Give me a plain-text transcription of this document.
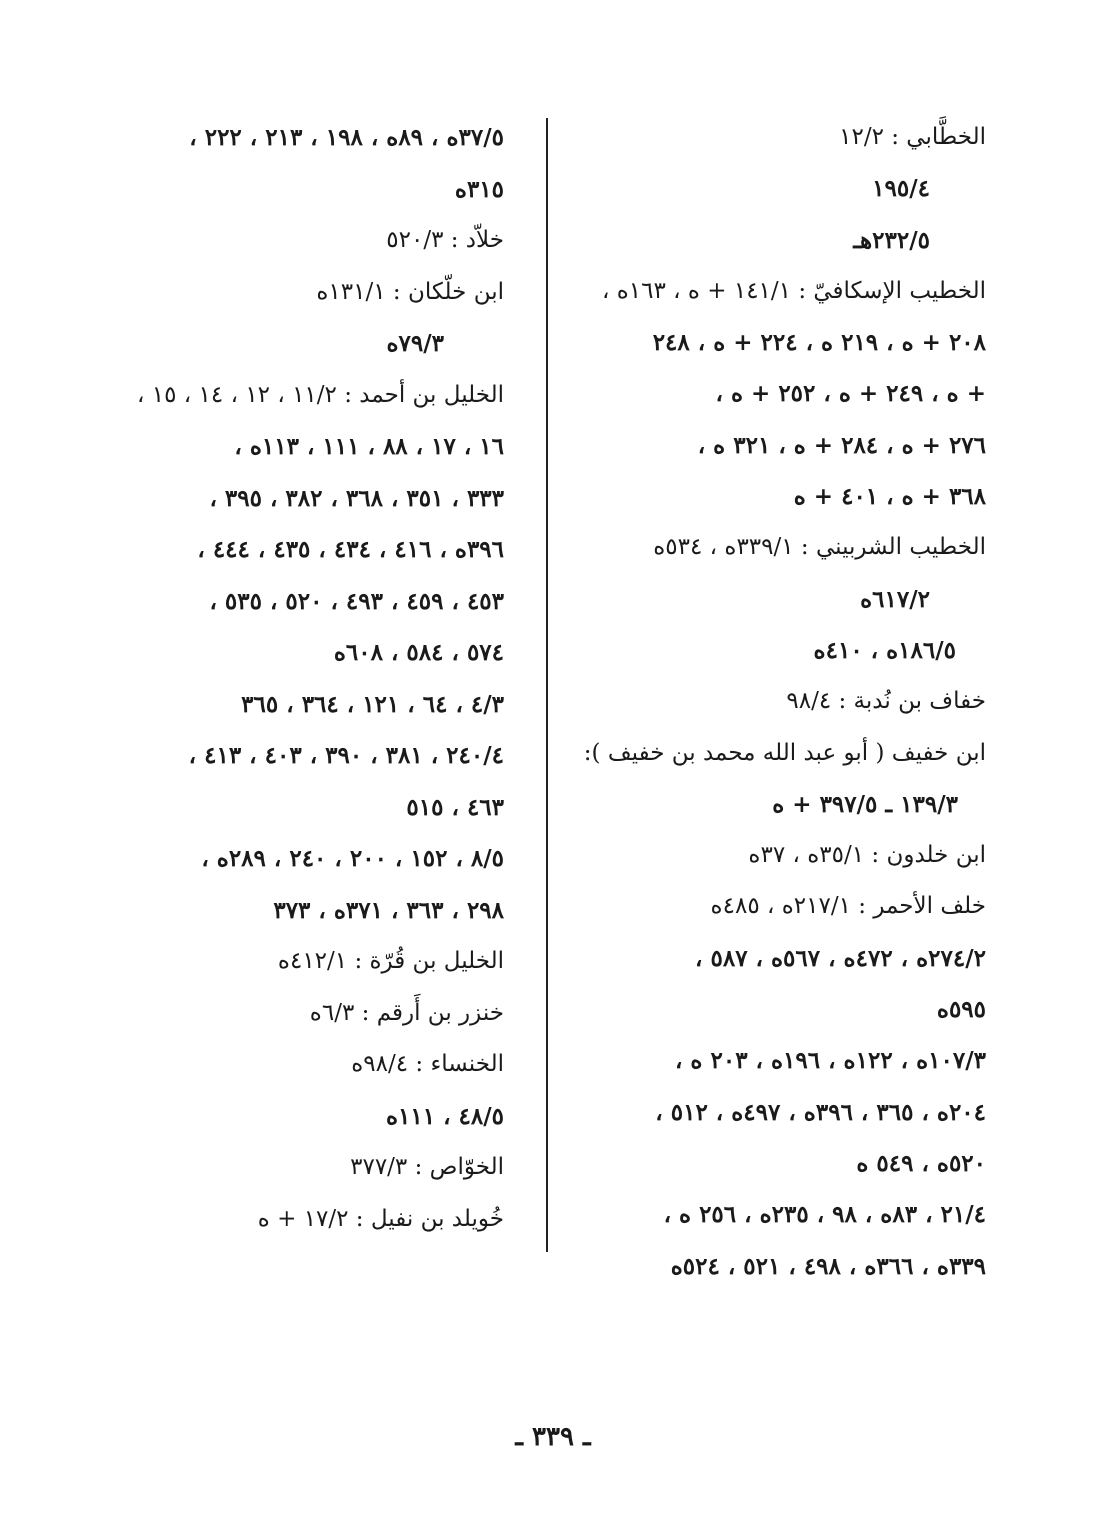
الخطَّابي : ١٢/٢
١٩٥/٤
٢٣٢/٥هـ
الخطيب الإسكافيّ : ١٤١/١ + ه ، ١٦٣ه ،
٢٠٨ + ه ، ٢١٩ ه ، ٢٢٤ + ه ، ٢٤٨
+ ه ، ٢٤٩ + ه ، ٢٥٢ + ه ،
٢٧٦ + ه ، ٢٨٤ + ه ، ٣٢١ ه ،
٣٦٨ + ه ، ٤٠١ + ه
الخطيب الشربيني : ٣٣٩/١ه ، ٥٣٤ه
٦١٧/٢ه
١٨٦/٥ه ، ٤١٠ه
خفاف بن نُدبة : ٩٨/٤
ابن خفيف ( أبو عبد الله محمد بن خفيف ):
١٣٩/٣ ـ ٣٩٧/٥ + ه
ابن خلدون : ٣٥/١ه ، ٣٧ه
خلف الأحمر : ٢١٧/١ه ، ٤٨٥ه
٢٧٤/٢ه ، ٤٧٢ه ، ٥٦٧ه ، ٥٨٧ ،
٥٩٥ه
١٠٧/٣ه ، ١٢٢ه ، ١٩٦ه ، ٢٠٣ ه ،
٢٠٤ه ، ٣٦٥ ، ٣٩٦ه ، ٤٩٧ه ، ٥١٢ ،
٥٢٠ه ، ٥٤٩ ه
٢١/٤ ، ٨٣ه ، ٩٨ ، ٢٣٥ه ، ٢٥٦ ه ،
٣٣٩ه ، ٣٦٦ه ، ٤٩٨ ، ٥٢١ ، ٥٢٤ه
٣٧/٥ه ، ٨٩ه ، ١٩٨ ، ٢١٣ ، ٢٢٢ ،
٣١٥ه
خلاّد : ٥٢٠/٣
ابن خلّكان : ١٣١/١ه
٧٩/٣ه
الخليل بن أحمد : ١١/٢ ، ١٢ ، ١٤ ، ١٥ ،
١٦ ، ١٧ ، ٨٨ ، ١١١ ، ١١٣ه ،
٣٣٣ ، ٣٥١ ، ٣٦٨ ، ٣٨٢ ، ٣٩٥ ،
٣٩٦ه ، ٤١٦ ، ٤٣٤ ، ٤٣٥ ، ٤٤٤ ،
٤٥٣ ، ٤٥٩ ، ٤٩٣ ، ٥٢٠ ، ٥٣٥ ،
٥٧٤ ، ٥٨٤ ، ٦٠٨ه
٤/٣ ، ٦٤ ، ١٢١ ، ٣٦٤ ، ٣٦٥
٢٤٠/٤ ، ٣٨١ ، ٣٩٠ ، ٤٠٣ ، ٤١٣ ،
٤٦٣ ، ٥١٥
٨/٥ ، ١٥٢ ، ٢٠٠ ، ٢٤٠ ، ٢٨٩ه ،
٢٩٨ ، ٣٦٣ ، ٣٧١ه ، ٣٧٣
الخليل بن قُرّة : ٤١٢/١ه
خنزر بن أَرقم : ٦/٣ه
الخنساء : ٩٨/٤ه
٤٨/٥ ، ١١١ه
الخوّاص : ٣٧٧/٣
خُويلد بن نفيل : ١٧/٢ + ه
ـ ٣٣٩ ـ
